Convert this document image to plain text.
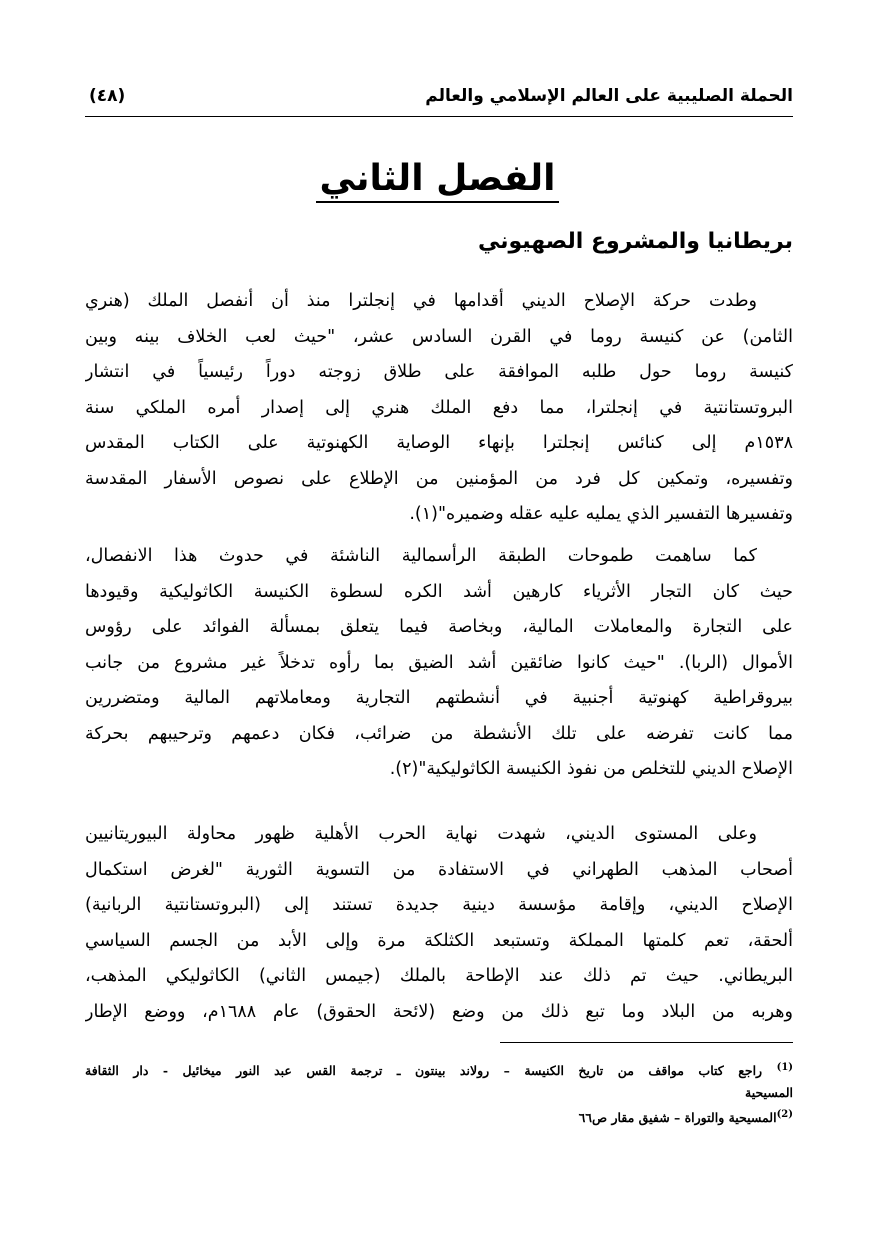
الحملة الصليبية على العالم الإسلامي والعالم
(٤٨)
الفصل الثاني
بريطانيا والمشروع الصهيوني
وطدت حركة الإصلاح الديني أقدامها في إنجلترا منذ أن أنفصل الملك (هنري
الثامن) عن كنيسة روما في القرن السادس عشر، "حيث لعب الخلاف بينه وبين
كنيسة روما حول طلبه الموافقة على طلاق زوجته دوراً رئيسياً في انتشار
البروتستانتية في إنجلترا، مما دفع الملك هنري إلى إصدار أمره الملكي سنة
١٥٣٨م إلى كنائس إنجلترا بإنهاء الوصاية الكهنوتية على الكتاب المقدس
وتفسيره، وتمكين كل فرد من المؤمنين من الإطلاع على نصوص الأسفار المقدسة
وتفسيرها التفسير الذي يمليه عليه عقله وضميره"(١).
كما ساهمت طموحات الطبقة الرأسمالية الناشئة في حدوث هذا الانفصال،
حيث كان التجار الأثرياء كارهين أشد الكره لسطوة الكنيسة الكاثوليكية وقيودها
على التجارة والمعاملات المالية، وبخاصة فيما يتعلق بمسألة الفوائد على رؤوس
الأموال (الربا). "حيث كانوا ضائقين أشد الضيق بما رأوه تدخلاً غير مشروع من جانب
بيروقراطية كهنوتية أجنبية في أنشطتهم التجارية ومعاملاتهم المالية ومتضررين
مما كانت تفرضه على تلك الأنشطة من ضرائب، فكان دعمهم وترحيبهم بحركة
الإصلاح الديني للتخلص من نفوذ الكنيسة الكاثوليكية"(٢).
وعلى المستوى الديني، شهدت نهاية الحرب الأهلية ظهور محاولة البيوريتانيين
أصحاب المذهب الطهراني في الاستفادة من التسوية الثورية "لغرض استكمال
الإصلاح الديني، وإقامة مؤسسة دينية جديدة تستند إلى (البروتستانتية الربانية)
ألحقة، تعم كلمتها المملكة وتستبعد الكثلكة مرة وإلى الأبد من الجسم السياسي
البريطاني. حيث تم ذلك عند الإطاحة بالملك (جيمس الثاني) الكاثوليكي المذهب،
وهربه من البلاد وما تبع ذلك من وضع (لائحة الحقوق) عام ١٦٨٨م، ووضع الإطار
$^{(1)}$ راجع كتاب مواقف من تاريخ الكنيسة – رولاند بينتون ـ ترجمة القس عبد النور ميخائيل - دار الثقافة
المسيحية
$^{(2)}$المسيحية والتوراة – شفيق مقار ص٦٦
